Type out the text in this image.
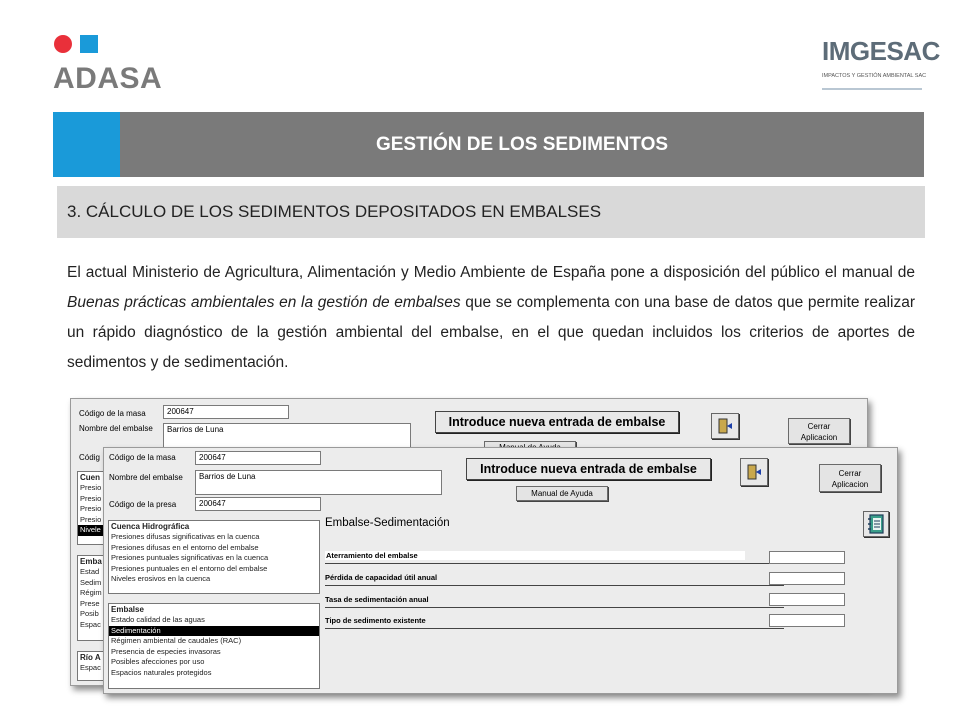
ADASA
IMGESAC
IMPACTOS Y GESTIÓN AMBIENTAL SAC
GESTIÓN DE LOS SEDIMENTOS
3. CÁLCULO DE LOS SEDIMENTOS DEPOSITADOS EN EMBALSES
El actual Ministerio de Agricultura, Alimentación y Medio Ambiente de España pone a disposición del público el manual de Buenas prácticas ambientales en la gestión de embalses que se complementa con una base de datos que permite realizar un rápido diagnóstico de la gestión ambiental del embalse, en el que quedan incluidos los criterios de aportes de sedimentos y de sedimentación.
Código de la masa	200647
Nombre del embalse	Barrios de Luna
Códig
Introduce nueva entrada de embalse	Cerrar Aplicacion
Cuen
Presio
Presio
Presio
Presio
Nivele
Emba
Estad
Sedim
Régim
Prese
Posib
Espac
Río A
Espac
Código de la masa	200647
Nombre del embalse	Barrios de Luna
Código de la presa	200647
Introduce nueva entrada de embalse
Manual de Ayuda
Cerrar Aplicacion
Cuenca Hidrográfica
Presiones difusas significativas en la cuenca
Presiones difusas en el entorno del embalse
Presiones puntuales significativas en la cuenca
Presiones puntuales en el entorno del embalse
Niveles erosivos en la cuenca
Embalse
Estado calidad de las aguas
Sedimentación
Régimen ambiental de caudales (RAC)
Presencia de especies invasoras
Posibles afecciones por uso
Espacios naturales protegidos
Embalse-Sedimentación
Aterramiento del embalse
Pérdida de capacidad útil anual
Tasa de sedimentación anual
Tipo de sedimento existente
